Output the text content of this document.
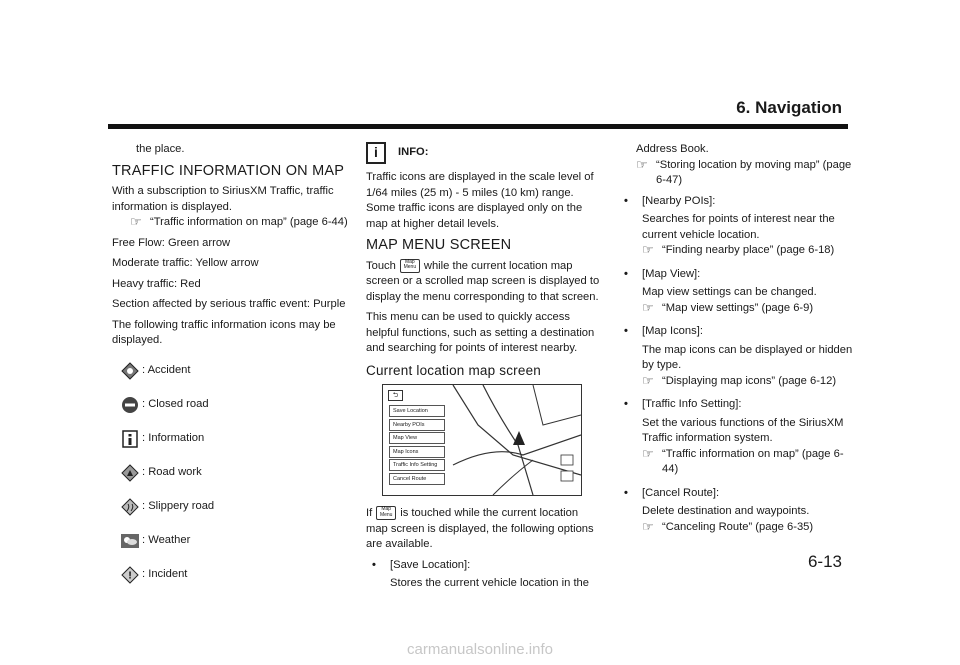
6. Navigation

the place.

TRAFFIC INFORMATION ON MAP

With a subscription to SiriusXM Traffic, traffic information is displayed.

☞ “Traffic information on map” (page 6-44)

Free Flow: Green arrow

Moderate traffic: Yellow arrow

Heavy traffic: Red

Section affected by serious traffic event: Purple

The following traffic information icons may be displayed.

: Accident
: Closed road
: Information
: Road work
: Slippery road
: Weather
! : Incident
i	INFO:

Traffic icons are displayed in the scale level of 1/64 miles (25 m) - 5 miles (10 km) range. Some traffic icons are displayed only on the map at higher detail levels.

MAP MENU SCREEN

Touch Map
Menu while the current location map screen or a scrolled map screen is displayed to display the menu corresponding to that screen.

This menu can be used to quickly access helpful functions, such as setting a destination and searching for points of interest nearby.

Current location map screen
⮌
Save Location
Nearby POIs
Map View
Map Icons
Traffic Info Setting
Cancel Route

If Map
Menu is touched while the current location map screen is displayed, the following options are available.

•	[Save Location]:

Stores the current vehicle location in the

Address Book.

☞ “Storing location by moving map” (page 6-47)
•	[Nearby POIs]:

Searches for points of interest near the current vehicle location.

☞ “Finding nearby place” (page 6-18)
•	[Map View]:

Map view settings can be changed.

☞ “Map view settings” (page 6-9)
•	[Map Icons]:

The map icons can be displayed or hidden by type.

☞ “Displaying map icons” (page 6-12)
•	[Traffic Info Setting]:

Set the various functions of the SiriusXM Traffic information system.

☞ “Traffic information on map” (page 6-44)
•	[Cancel Route]:

Delete destination and waypoints.

☞ “Canceling Route” (page 6-35)
6-13
carmanualsonline.info
